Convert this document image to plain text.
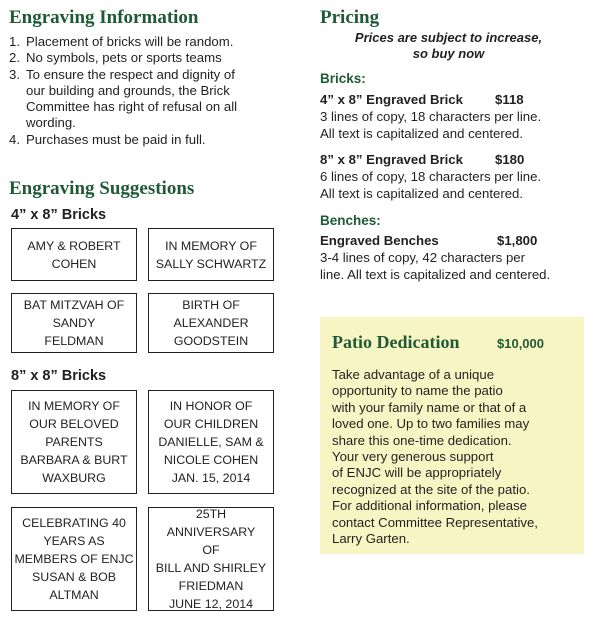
Engraving Information
1. Placement of bricks will be random.
2. No symbols, pets or sports teams
3. To ensure the respect and dignity of
our building and grounds, the Brick
Committee has right of refusal on all
wording.
4. Purchases must be paid in full.
Engraving Suggestions
4” x 8” Bricks
AMY & ROBERT
COHEN
IN MEMORY OF
SALLY SCHWARTZ
BAT MITZVAH OF
SANDY
FELDMAN
BIRTH OF
ALEXANDER
GOODSTEIN
8” x 8” Bricks
IN MEMORY OF
OUR BELOVED
PARENTS
BARBARA & BURT
WAXBURG
IN HONOR OF
OUR CHILDREN
DANIELLE, SAM &
NICOLE COHEN
JAN. 15, 2014
CELEBRATING 40
YEARS AS
MEMBERS OF ENJC
SUSAN & BOB
ALTMAN
25TH
ANNIVERSARY
OF
BILL AND SHIRLEY
FRIEDMAN
JUNE 12, 2014
Pricing
Prices are subject to increase,
so buy now
Bricks:
4” x 8” Engraved Brick $118
3 lines of copy, 18 characters per line.
All text is capitalized and centered.
8” x 8” Engraved Brick $180
6 lines of copy, 18 characters per line.
All text is capitalized and centered.
Benches:
Engraved Benches	$1,800
3-4 lines of copy, 42 characters per
line. All text is capitalized and centered.
Patio Dedication	$10,000
Take advantage of a unique
opportunity to name the patio
with your family name or that of a
loved one. Up to two families may
share this one-time dedication.
Your very generous support
of ENJC will be appropriately
recognized at the site of the patio.
For additional information, please
contact Committee Representative,
Larry Garten.
